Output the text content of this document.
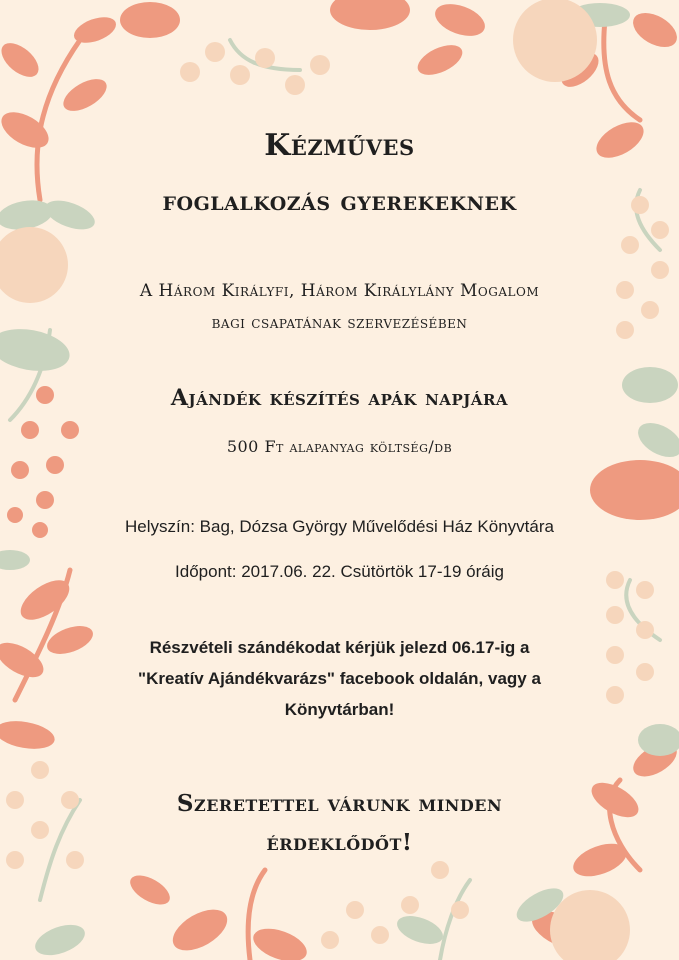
Kézműves
foglalkozás gyerekeknek
A Három Királyfi, Három Királylány Mogalom
bagi csapatának szervezésében
Ajándék készítés apák napjára
500 Ft alapanyag költség/db
Helyszín: Bag, Dózsa György Művelődési Ház Könyvtára
Időpont: 2017.06. 22. Csütörtök 17-19 óráig
Részvételi szándékodat kérjük jelezd 06.17-ig a
"Kreatív Ajándékvarázs" facebook oldalán, vagy a
Könyvtárban!
Szeretettel várunk minden
érdeklődőt!
